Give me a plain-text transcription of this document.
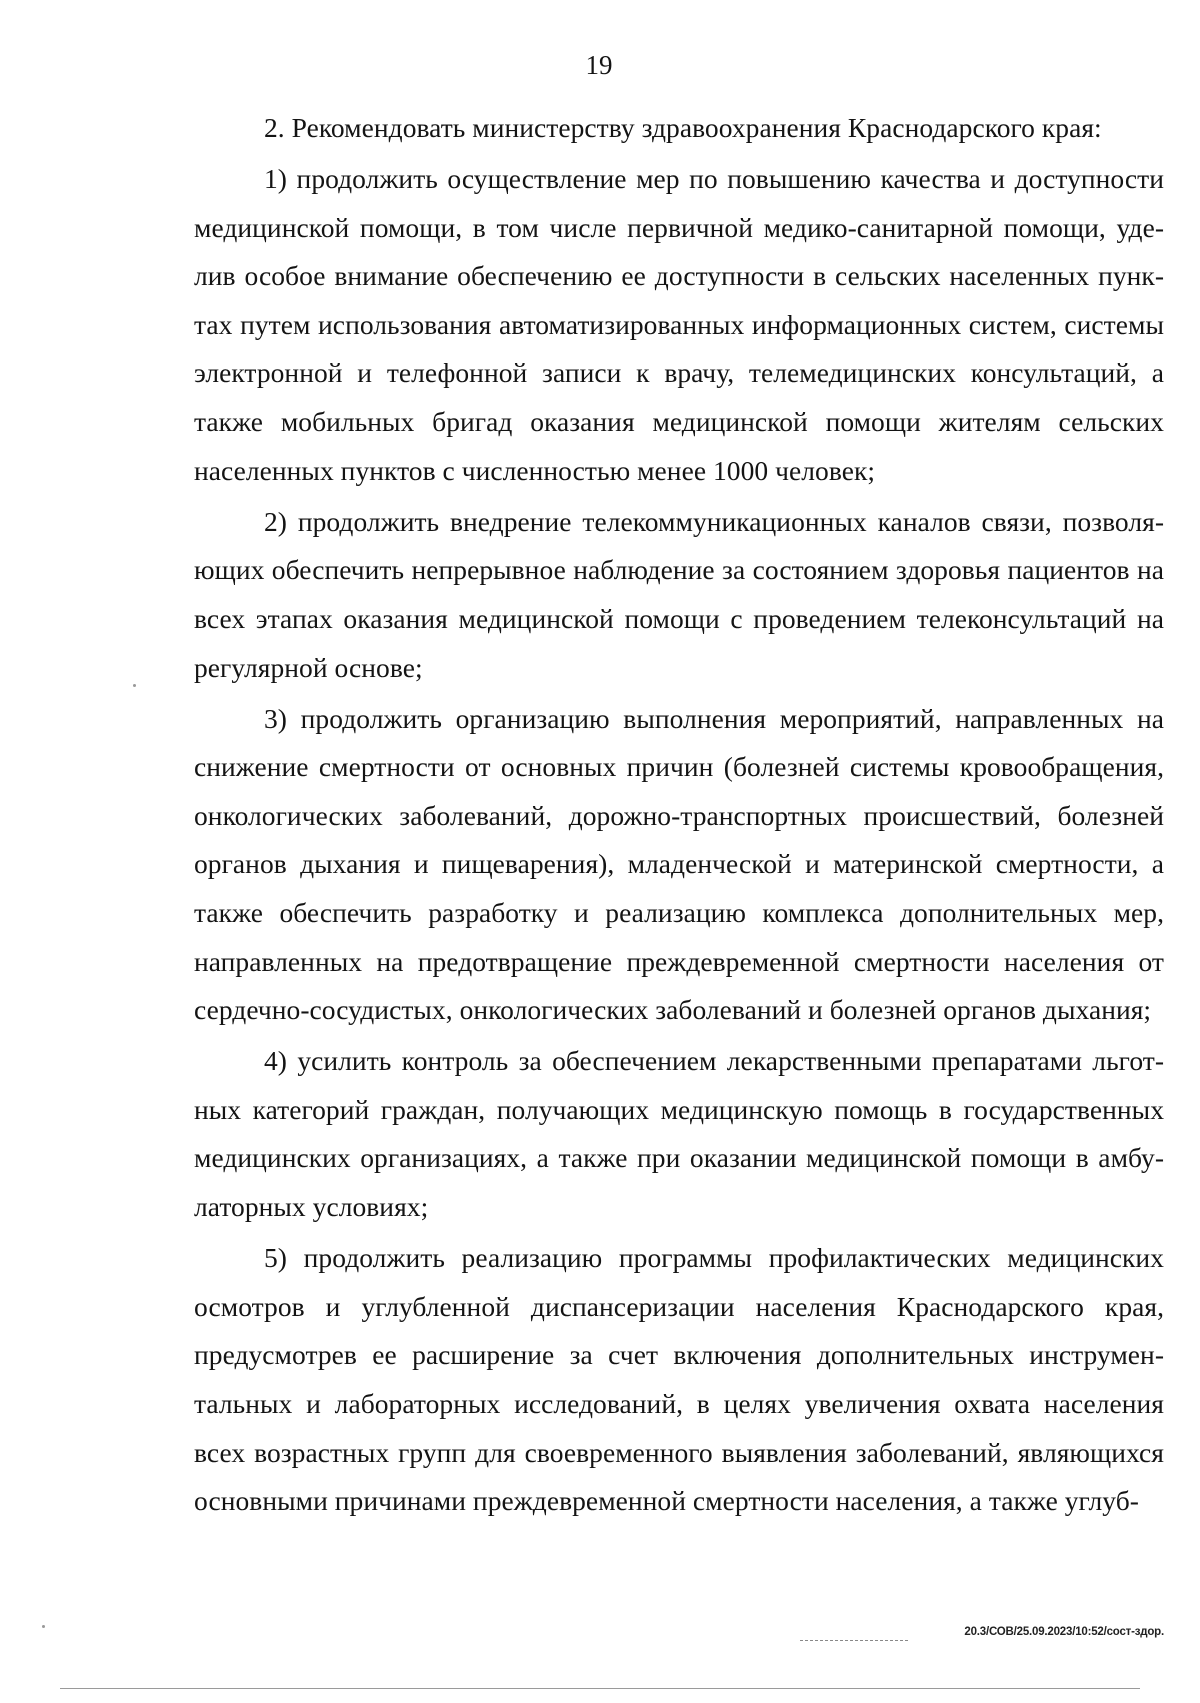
19

2. Рекомендовать министерству здравоохранения Краснодарского края:

1) продолжить осуществление мер по повышению качества и доступности медицинской помощи, в том числе первичной медико-санитарной помощи, уделив особое внимание обеспечению ее доступности в сельских населенных пунктах путем использования автоматизированных информационных систем, системы электронной и телефонной записи к врачу, телемедицинских консультаций, а также мобильных бригад оказания медицинской помощи жителям сельских населенных пунктов с численностью менее 1000 человек;

2) продолжить внедрение телекоммуникационных каналов связи, позволяющих обеспечить непрерывное наблюдение за состоянием здоровья пациентов на всех этапах оказания медицинской помощи с проведением телеконсультаций на регулярной основе;

3) продолжить организацию выполнения мероприятий, направленных на снижение смертности от основных причин (болезней системы кровообращения, онкологических заболеваний, дорожно-транспортных происшествий, болезней органов дыхания и пищеварения), младенческой и материнской смертности, а также обеспечить разработку и реализацию комплекса дополнительных мер, направленных на предотвращение преждевременной смертности населения от сердечно-сосудистых, онкологических заболеваний и болезней органов дыхания;

4) усилить контроль за обеспечением лекарственными препаратами льготных категорий граждан, получающих медицинскую помощь в государственных медицинских организациях, а также при оказании медицинской помощи в амбулаторных условиях;

5) продолжить реализацию программы профилактических медицинских осмотров и углубленной диспансеризации населения Краснодарского края, предусмотрев ее расширение за счет включения дополнительных инструментальных и лабораторных исследований, в целях увеличения охвата населения всех возрастных групп для своевременного выявления заболеваний, являющихся основными причинами преждевременной смертности населения, а также углуб-

20.3/СОВ/25.09.2023/10:52/сост-здор.
